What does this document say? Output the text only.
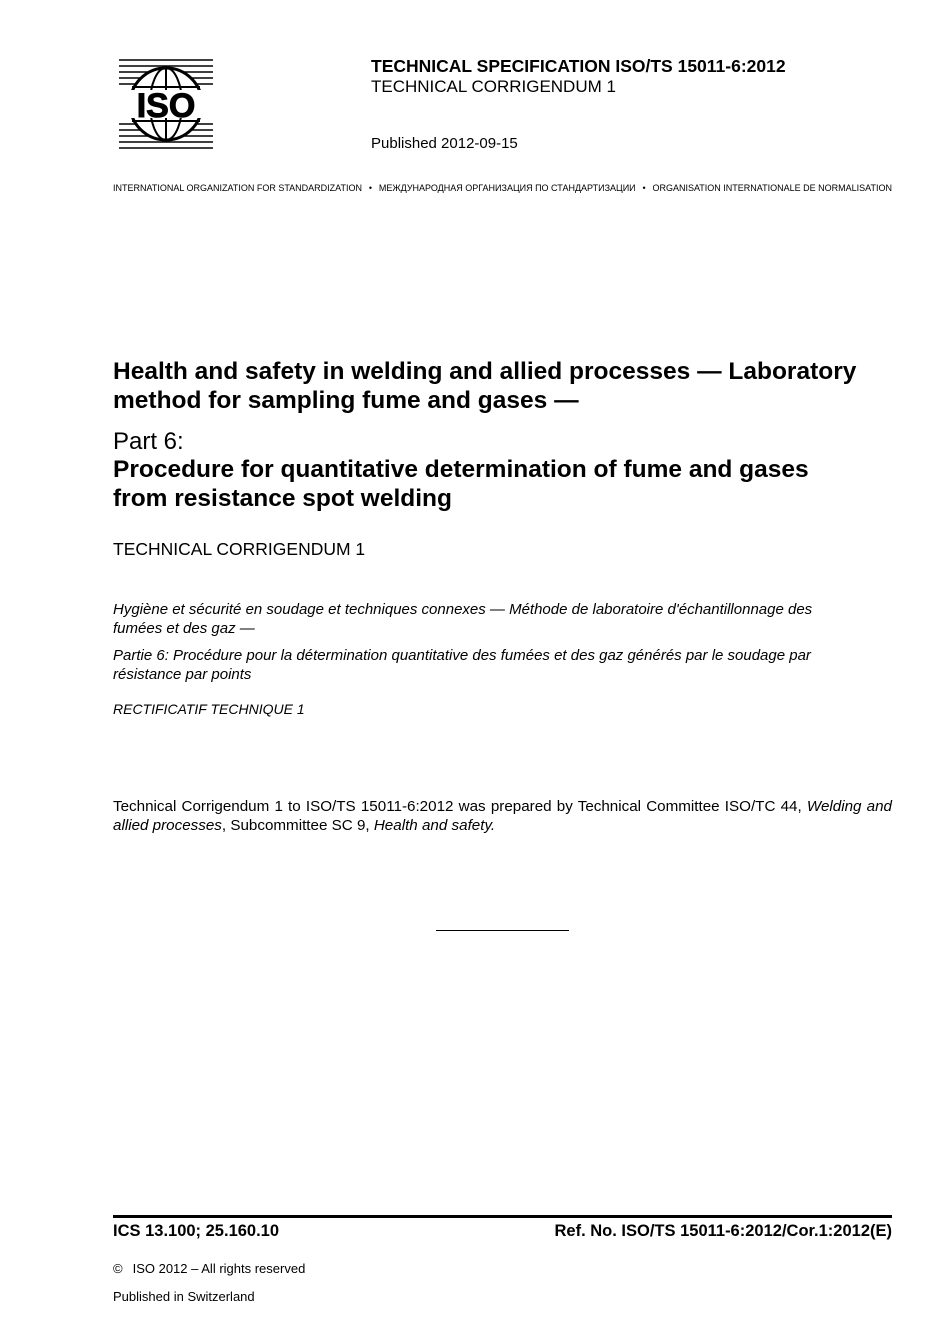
ISO
TECHNICAL SPECIFICATION ISO/TS 15011-6:2012
TECHNICAL CORRIGENDUM 1
Published 2012-09-15
INTERNATIONAL ORGANIZATION FOR STANDARDIZATION • МЕЖДУНАРОДНАЯ ОРГАНИЗАЦИЯ ПО СТАНДАРТИЗАЦИИ • ORGANISATION INTERNATIONALE DE NORMALISATION
Health and safety in welding and allied processes — Laboratory
method for sampling fume and gases —
Part 6:
Procedure for quantitative determination of fume and gases
from resistance spot welding
TECHNICAL CORRIGENDUM 1
Hygiène et sécurité en soudage et techniques connexes — Méthode de laboratoire d'échantillonnage des
fumées et des gaz —
Partie 6: Procédure pour la détermination quantitative des fumées et des gaz générés par le soudage par
résistance par points
RECTIFICATIF TECHNIQUE 1
Technical Corrigendum 1 to ISO/TS 15011-6:2012 was prepared by Technical Committee ISO/TC 44, Welding and allied processes, Subcommittee SC 9, Health and safety.
ICS 13.100; 25.160.10	Ref. No. ISO/TS 15011-6:2012/Cor.1:2012(E)
© ISO 2012 – All rights reserved
Published in Switzerland
